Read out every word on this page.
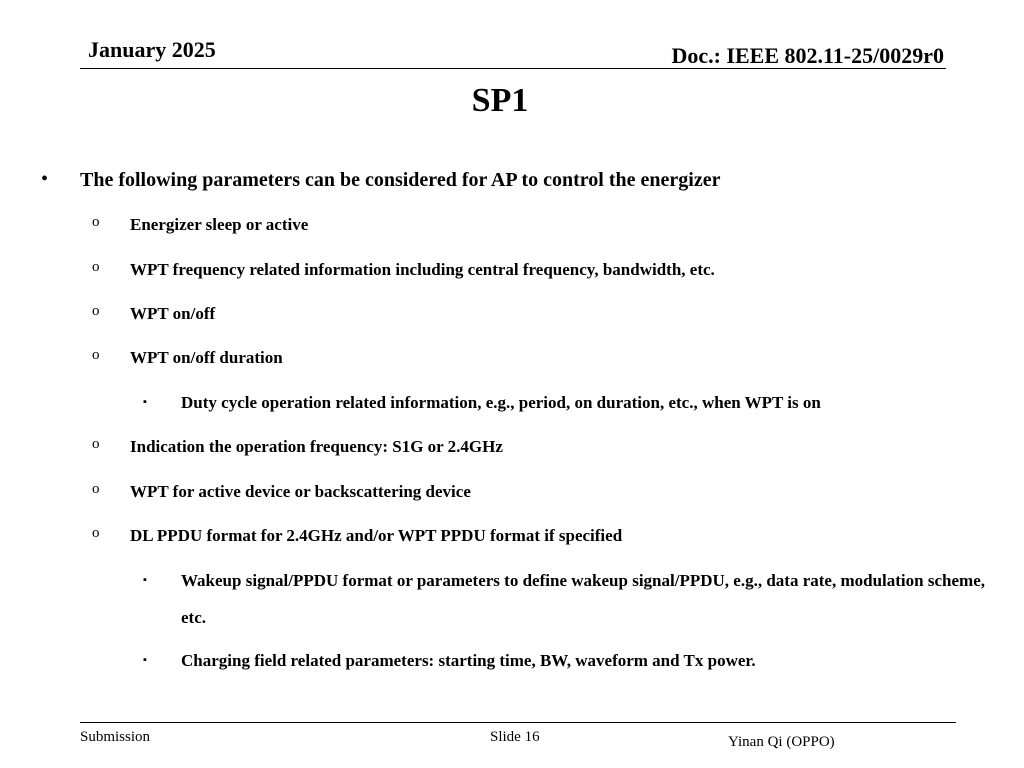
January 2025	Doc.: IEEE 802.11-25/0029r0
SP1
• The following parameters can be considered for AP to control the energizer
o Energizer sleep or active
o WPT frequency related information including central frequency, bandwidth, etc.
o WPT on/off
o WPT on/off duration
▪ Duty cycle operation related information, e.g., period, on duration, etc., when WPT is on
o Indication the operation frequency: S1G or 2.4GHz
o WPT for active device or backscattering device
o DL PPDU format for 2.4GHz and/or WPT PPDU format if specified
▪ Wakeup signal/PPDU format or parameters to define wakeup signal/PPDU, e.g., data rate, modulation scheme, etc.
▪ Charging field related parameters: starting time, BW, waveform and Tx power.
Submission	Slide 16	Yinan Qi (OPPO)
